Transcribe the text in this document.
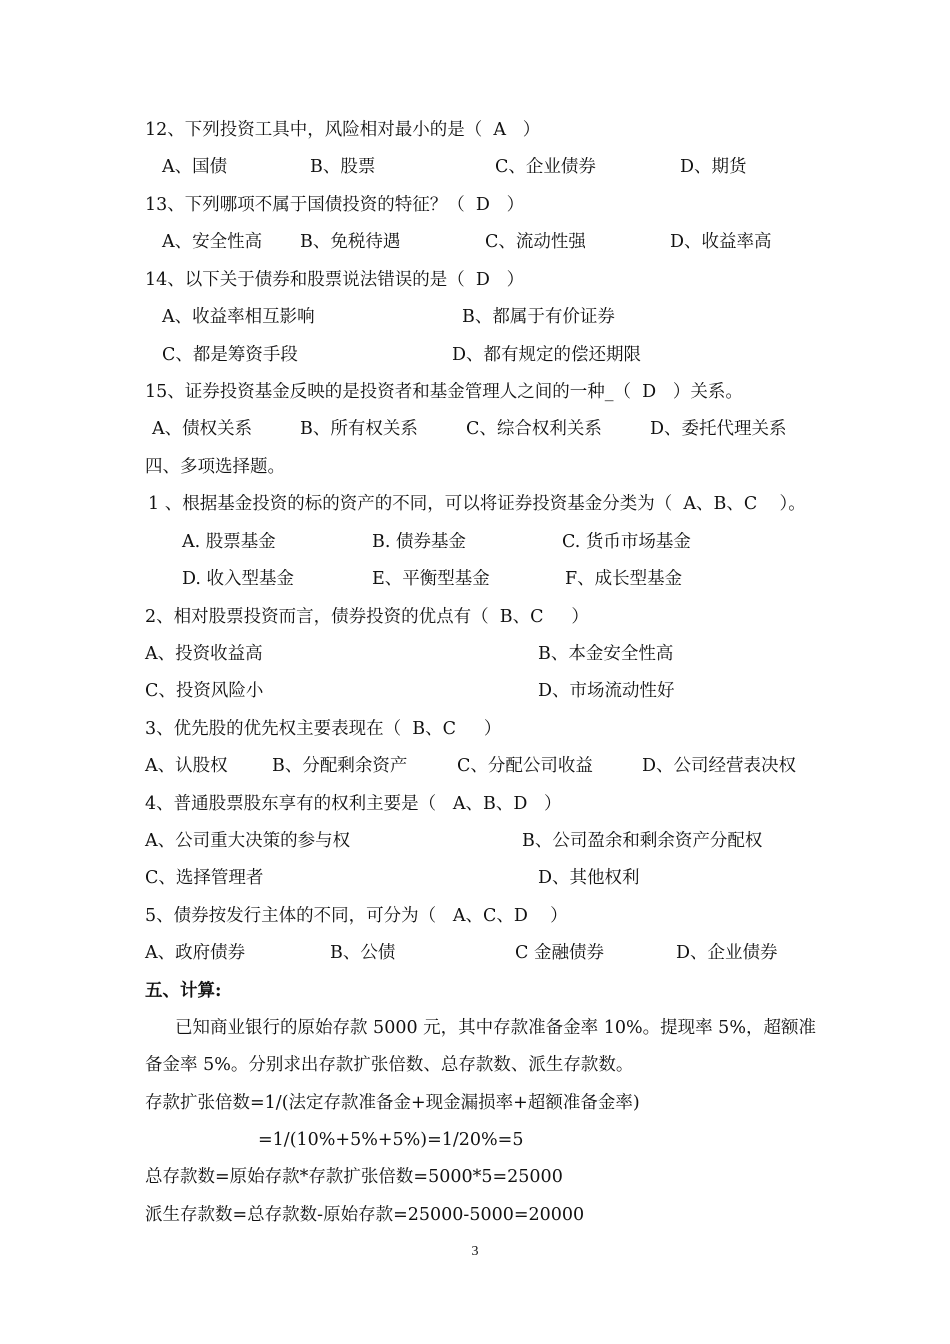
12、下列投资工具中，风险相对最小的是（  A   ）
A、国债	B、股票	C、企业债券	D、期货
13、下列哪项不属于国债投资的特征？（  D   ）
A、安全性高 B、免税待遇	C、流动性强	D、收益率高
14、以下关于债券和股票说法错误的是（  D   ）
A、收益率相互影响	B、都属于有价证券
C、都是筹资手段	D、都有规定的偿还期限
15、证券投资基金反映的是投资者和基金管理人之间的一种_（  D   ）关系。
A、债权关系	B、所有权关系	C、综合权利关系	D、委托代理关系
四、多项选择题。
1 、根据基金投资的标的资产的不同，可以将证券投资基金分类为（  A、B、C    ）。
A. 股票基金	B. 债券基金	C. 货币市场基金
D. 收入型基金	E、平衡型基金	F、成长型基金
2、相对股票投资而言，债券投资的优点有（  B、C     ）
A、投资收益高	B、本金安全性高
C、投资风险小	D、市场流动性好
3、优先股的优先权主要表现在（  B、C     ）
A、认股权	B、分配剩余资产	C、分配公司收益	D、公司经营表决权
4、普通股票股东享有的权利主要是（   A、B、D   ）
A、公司重大决策的参与权	B、公司盈余和剩余资产分配权
C、选择管理者	D、其他权利
5、债券按发行主体的不同，可分为（   A、C、D    ）
A、政府债券	B、公债	C 金融债券	D、企业债券
五、计算:
已知商业银行的原始存款 5000 元，其中存款准备金率 10%。提现率 5%，超额准
备金率 5%。分别求出存款扩张倍数、总存款数、派生存款数。
存款扩张倍数=1/(法定存款准备金+现金漏损率+超额准备金率)
=1/(10%+5%+5%)=1/20%=5
总存款数=原始存款*存款扩张倍数=5000*5=25000
派生存款数=总存款数-原始存款=25000-5000=20000
3
